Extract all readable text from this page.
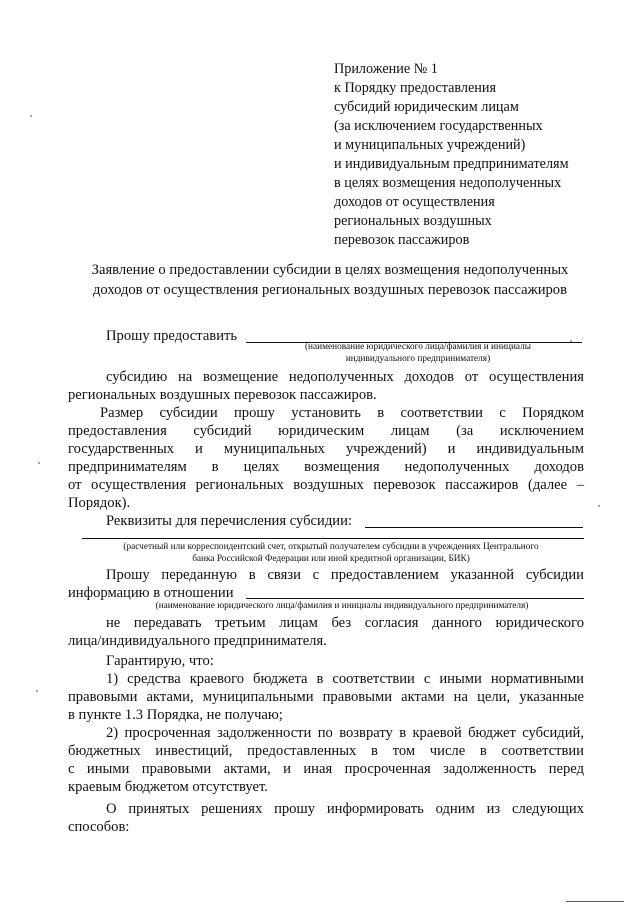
Приложение № 1
к Порядку предоставления
субсидий юридическим лицам
(за исключением государственных
и муниципальных учреждений)
и индивидуальным предпринимателям
в целях возмещения недополученных
доходов от осуществления
региональных воздушных
перевозок пассажиров
Заявление о предоставлении субсидии в целях возмещения недополученных
доходов от осуществления региональных воздушных перевозок пассажиров
Прошу предоставить
(наименование юридического лица/фамилия и инициалы
индивидуального предпринимателя)
субсидию на возмещение недополученных доходов от осуществления
региональных воздушных перевозок пассажиров.
Размер субсидии прошу установить в соответствии с Порядком
предоставления субсидий юридическим лицам (за исключением
государственных и муниципальных учреждений) и индивидуальным
предпринимателям в целях возмещения недополученных доходов
от осуществления региональных воздушных перевозок пассажиров (далее –
Порядок).
Реквизиты для перечисления субсидии:
(расчетный или корреспондентский счет, открытый получателем субсидии в учреждениях Центрального
банка Российской Федерации или иной кредитной организации, БИК)
Прошу переданную в связи с предоставлением указанной субсидии
информацию в отношении
(наименование юридического лица/фамилия и инициалы индивидуального предпринимателя)
не передавать третьим лицам без согласия данного юридического
лица/индивидуального предпринимателя.
Гарантирую, что:
1) средства краевого бюджета в соответствии с иными нормативными
правовыми актами, муниципальными правовыми актами на цели, указанные
в пункте 1.3 Порядка, не получаю;
2) просроченная задолженности по возврату в краевой бюджет субсидий,
бюджетных инвестиций, предоставленных в том числе в соответствии
с иными правовыми актами, и иная просроченная задолженность перед
краевым бюджетом отсутствует.
О принятых решениях прошу информировать одним из следующих
способов:
